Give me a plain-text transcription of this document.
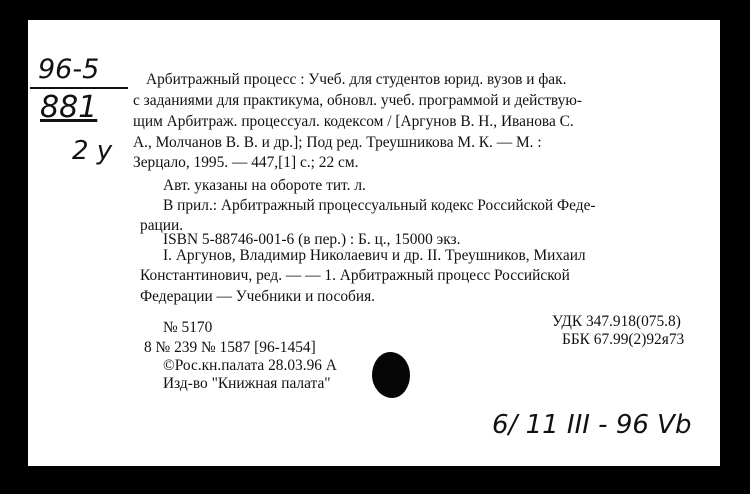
96-5
881
2 y
Арбитражный процесс : Учеб. для студентов юрид. вузов и фак.
с заданиями для практикума, обновл. учеб. программой и действую-
щим Арбитраж. процессуал. кодексом / [Аргунов В. Н., Иванова С.
А., Молчанов В. В. и др.]; Под ред. Треушникова М. К. — М. :
Зерцало, 1995. — 447,[1] с.; 22 см.
Авт. указаны на обороте тит. л.
В прил.: Арбитражный процессуальный кодекс Российской Феде-
рации.
ISBN 5-88746-001-6 (в пер.) : Б. ц., 15000 экз.
I. Аргунов, Владимир Николаевич и др. II. Треушников, Михаил
Константинович, ред. — — 1. Арбитражный процесс Российской
Федерации — Учебники и пособия.
№ 5170
8 № 239 № 1587 [96-1454]
©Рос.кн.палата 28.03.96 А
Изд-во "Книжная палата"
УДК 347.918(075.8)
ББК 67.99(2)92я73
6/ 11 III - 96 Vb
